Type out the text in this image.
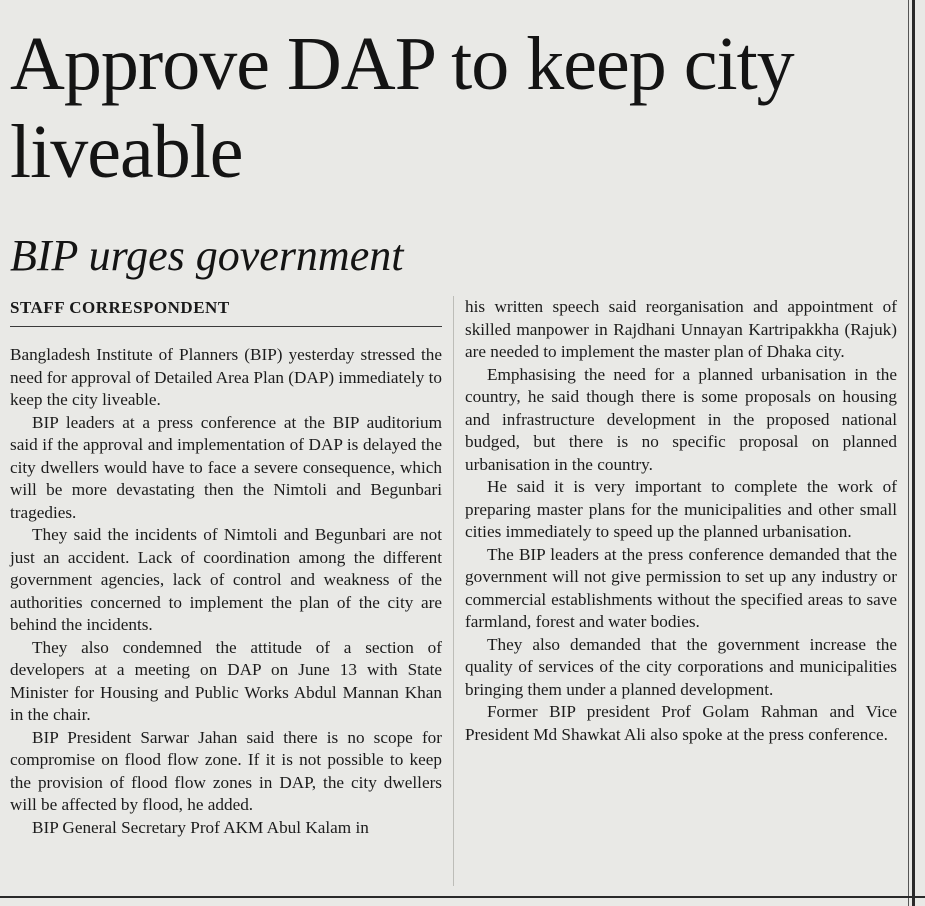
Approve DAP to keep city liveable
BIP urges government
STAFF CORRESPONDENT

Bangladesh Institute of Planners (BIP) yesterday stressed the need for approval of Detailed Area Plan (DAP) immediately to keep the city liveable.

BIP leaders at a press conference at the BIP auditorium said if the approval and implementation of DAP is delayed the city dwellers would have to face a severe consequence, which will be more devastating then the Nimtoli and Begunbari tragedies.

They said the incidents of Nimtoli and Begunbari are not just an accident. Lack of coordination among the different government agencies, lack of control and weakness of the authorities concerned to implement the plan of the city are behind the incidents.

They also condemned the attitude of a section of developers at a meeting on DAP on June 13 with State Minister for Housing and Public Works Abdul Mannan Khan in the chair.

BIP President Sarwar Jahan said there is no scope for compromise on flood flow zone. If it is not possible to keep the provision of flood flow zones in DAP, the city dwellers will be affected by flood, he added.

BIP General Secretary Prof AKM Abul Kalam in

his written speech said reorganisation and appointment of skilled manpower in Rajdhani Unnayan Kartripakkha (Rajuk) are needed to implement the master plan of Dhaka city.

Emphasising the need for a planned urbanisation in the country, he said though there is some proposals on housing and infrastructure development in the proposed national budged, but there is no specific proposal on planned urbanisation in the country.

He said it is very important to complete the work of preparing master plans for the municipalities and other small cities immediately to speed up the planned urbanisation.

The BIP leaders at the press conference demanded that the government will not give permission to set up any industry or commercial establishments without the specified areas to save farmland, forest and water bodies.

They also demanded that the government increase the quality of services of the city corporations and municipalities bringing them under a planned development.

Former BIP president Prof Golam Rahman and Vice President Md Shawkat Ali also spoke at the press conference.
